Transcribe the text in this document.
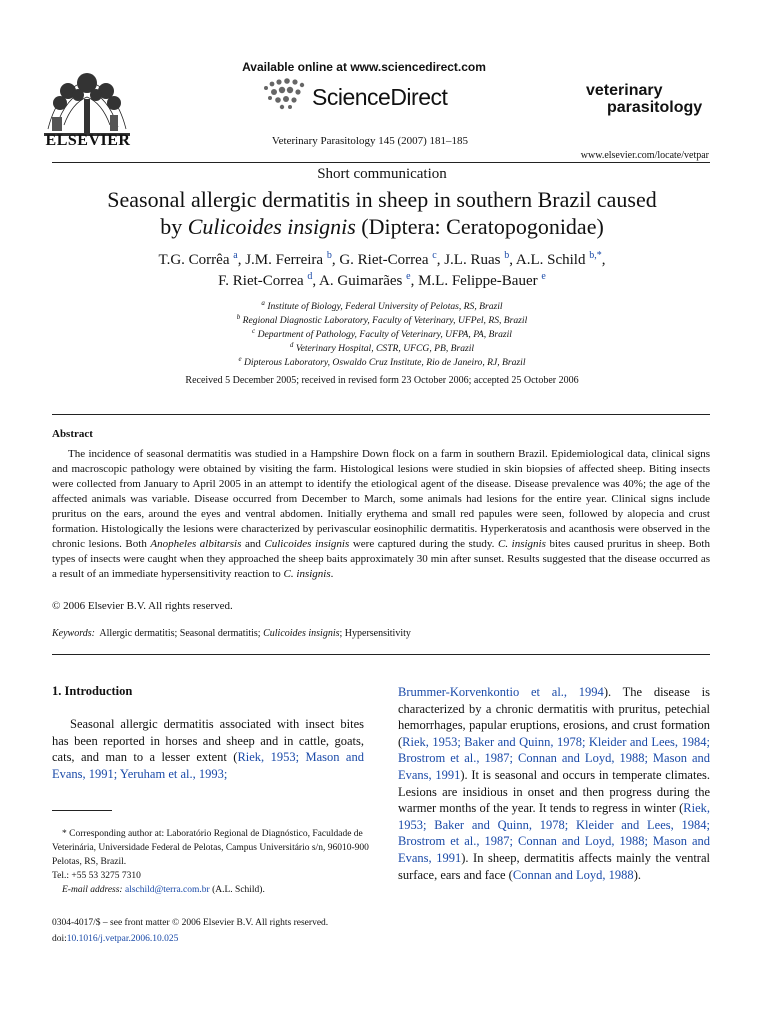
ELSEVIER
Available online at www.sciencedirect.com
ScienceDirect
Veterinary Parasitology 145 (2007) 181–185
veterinary
parasitology
www.elsevier.com/locate/vetpar
Short communication
Seasonal allergic dermatitis in sheep in southern Brazil caused
by Culicoides insignis (Diptera: Ceratopogonidae)
T.G. Corrêa $^a$, J.M. Ferreira $^b$, G. Riet-Correa $^c$, J.L. Ruas $^b$, A.L. Schild $^{b,*}$,
F. Riet-Correa $^d$, A. Guimarães $^e$, M.L. Felippe-Bauer $^e$
$^a$ Institute of Biology, Federal University of Pelotas, RS, Brazil
$^b$ Regional Diagnostic Laboratory, Faculty of Veterinary, UFPel, RS, Brazil
$^c$ Department of Pathology, Faculty of Veterinary, UFPA, PA, Brazil
$^d$ Veterinary Hospital, CSTR, UFCG, PB, Brazil
$^e$ Dipterous Laboratory, Oswaldo Cruz Institute, Rio de Janeiro, RJ, Brazil
Received 5 December 2005; received in revised form 23 October 2006; accepted 25 October 2006
Abstract
The incidence of seasonal dermatitis was studied in a Hampshire Down flock on a farm in southern Brazil. Epidemiological data, clinical signs and macroscopic pathology were obtained by visiting the farm. Histological lesions were studied in skin biopsies of affected sheep. Biting insects were collected from January to April 2005 in an attempt to identify the etiological agent of the disease. Disease prevalence was 40%; the age of the affected animals was variable. Disease occurred from December to March, some animals had lesions for the entire year. Clinical signs include pruritus on the ears, around the eyes and ventral abdomen. Initially erythema and small red papules were seen, followed by alopecia and crust formation. Histologically the lesions were characterized by perivascular eosinophilic dermatitis. Hyperkeratosis and acanthosis were observed in the chronic lesions. Both Anopheles albitarsis and Culicoides insignis were captured during the study. C. insignis bites caused pruritus in sheep. Both types of insects were caught when they approached the sheep baits approximately 30 min after sunset. Results suggested that the disease occurred as a result of an immediate hypersensitivity reaction to C. insignis.
© 2006 Elsevier B.V. All rights reserved.
Keywords: Allergic dermatitis; Seasonal dermatitis; Culicoides insignis; Hypersensitivity
1. Introduction
Seasonal allergic dermatitis associated with insect bites has been reported in horses and sheep and in cattle, goats, cats, and man to a lesser extent (Riek, 1953; Mason and Evans, 1991; Yeruham et al., 1993;
Brummer-Korvenkontio et al., 1994). The disease is characterized by a chronic dermatitis with pruritus, petechial hemorrhages, papular eruptions, erosions, and crust formation (Riek, 1953; Baker and Quinn, 1978; Kleider and Lees, 1984; Brostrom et al., 1987; Connan and Loyd, 1988; Mason and Evans, 1991). It is seasonal and occurs in temperate climates. Lesions are insidious in onset and then progress during the warmer months of the year. It tends to regress in winter (Riek, 1953; Baker and Quinn, 1978; Kleider and Lees, 1984; Brostrom et al., 1987; Connan and Loyd, 1988; Mason and Evans, 1991). In sheep, dermatitis affects mainly the ventral surface, ears and face (Connan and Loyd, 1988).
* Corresponding author at: Laboratório Regional de Diagnóstico, Faculdade de Veterinária, Universidade Federal de Pelotas, Campus Universitário s/n, 96010-900 Pelotas, RS, Brazil.
Tel.: +55 53 3275 7310
E-mail address: alschild@terra.com.br (A.L. Schild).
0304-4017/$ – see front matter © 2006 Elsevier B.V. All rights reserved.
doi:10.1016/j.vetpar.2006.10.025
